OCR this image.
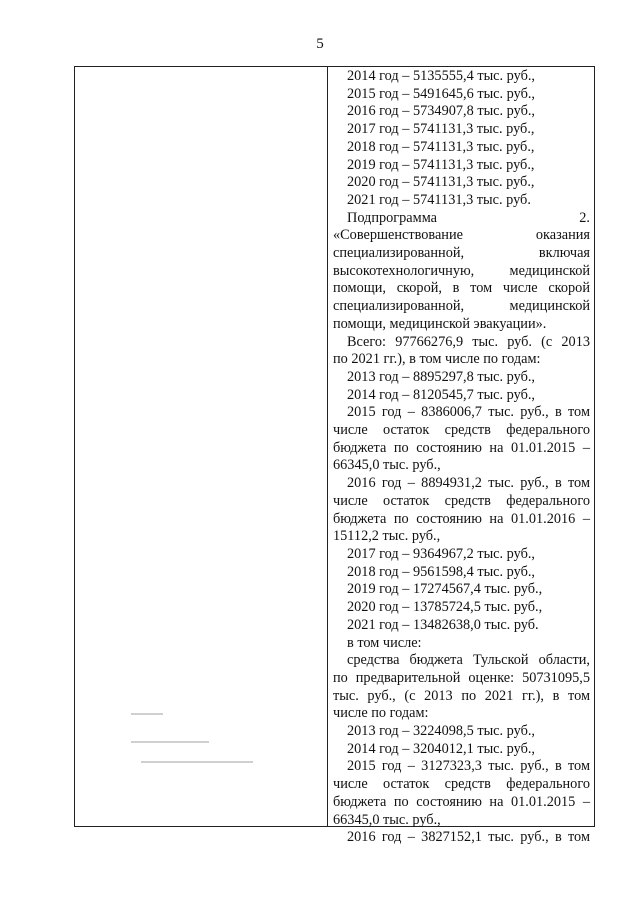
5
2014 год – 5135555,4 тыс. руб.,
2015 год – 5491645,6 тыс. руб.,
2016 год – 5734907,8 тыс. руб.,
2017 год – 5741131,3 тыс. руб.,
2018 год – 5741131,3 тыс. руб.,
2019 год – 5741131,3 тыс. руб.,
2020 год – 5741131,3 тыс. руб.,
2021 год – 5741131,3 тыс. руб.
Подпрограмма 2.
«Совершенствование оказания
специализированной, включая
высокотехнологичную, медицинской
помощи, скорой, в том числе скорой
специализированной, медицинской
помощи, медицинской эвакуации».
Всего: 97766276,9 тыс. руб. (с 2013
по 2021 гг.), в том числе по годам:
2013 год – 8895297,8 тыс. руб.,
2014 год – 8120545,7 тыс. руб.,
2015 год – 8386006,7 тыс. руб., в том
числе остаток средств федерального
бюджета по состоянию на 01.01.2015 –
66345,0 тыс. руб.,
2016 год – 8894931,2 тыс. руб., в том
числе остаток средств федерального
бюджета по состоянию на 01.01.2016 –
15112,2 тыс. руб.,
2017 год – 9364967,2 тыс. руб.,
2018 год – 9561598,4 тыс. руб.,
2019 год – 17274567,4 тыс. руб.,
2020 год – 13785724,5 тыс. руб.,
2021 год – 13482638,0 тыс. руб.
в том числе:
средства бюджета Тульской области,
по предварительной оценке: 50731095,5
тыс. руб., (с 2013 по 2021 гг.), в том
числе по годам:
2013 год – 3224098,5 тыс. руб.,
2014 год – 3204012,1 тыс. руб.,
2015 год – 3127323,3 тыс. руб., в том
числе остаток средств федерального
бюджета по состоянию на 01.01.2015 –
66345,0 тыс. руб.,
2016 год – 3827152,1 тыс. руб., в том
